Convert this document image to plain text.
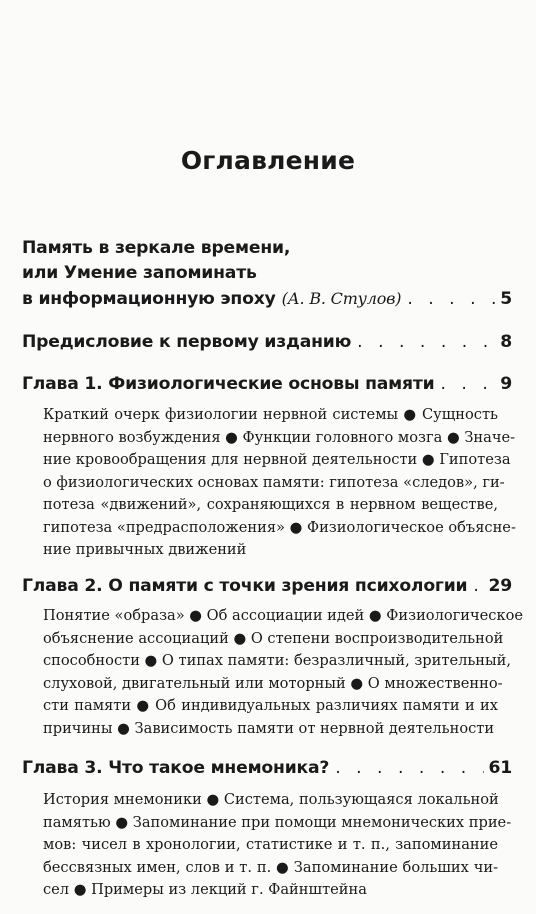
Оглавление
Память в зеркале времени,
или Умение запоминать
в информационную эпоху (А. В. Стулов) . . .	5
Предисловие к первому изданию . . .	8
Глава 1. Физиологические основы памяти . . .	9
Краткий очерк физиологии нервной системы ● Сущность
нервного возбуждения ● Функции головного мозга ● Значе-
ние кровообращения для нервной деятельности ● Гипотеза
о физиологических основах памяти: гипотеза «следов», ги-
потеза «движений», сохраняющихся в нервном веществе,
гипотеза «предрасположения» ● Физиологическое объясне-
ние привычных движений
Глава 2. О памяти с точки зрения психологии . . . 29
Понятие «образа» ● Об ассоциации идей ● Физиологическое
объяснение ассоциаций ● О степени воспроизводительной
способности ● О типах памяти: безразличный, зрительный,
слуховой, двигательный или моторный ● О множественно-
сти памяти ● Об индивидуальных различиях памяти и их
причины ● Зависимость памяти от нервной деятельности
Глава 3. Что такое мнемоника? . . .	61
История мнемоники ● Система, пользующаяся локальной
памятью ● Запоминание при помощи мнемонических прие-
мов: чисел в хронологии, статистике и т. п., запоминание
бессвязных имен, слов и т. п. ● Запоминание больших чи-
сел ● Примеры из лекций г. Файнштейна
